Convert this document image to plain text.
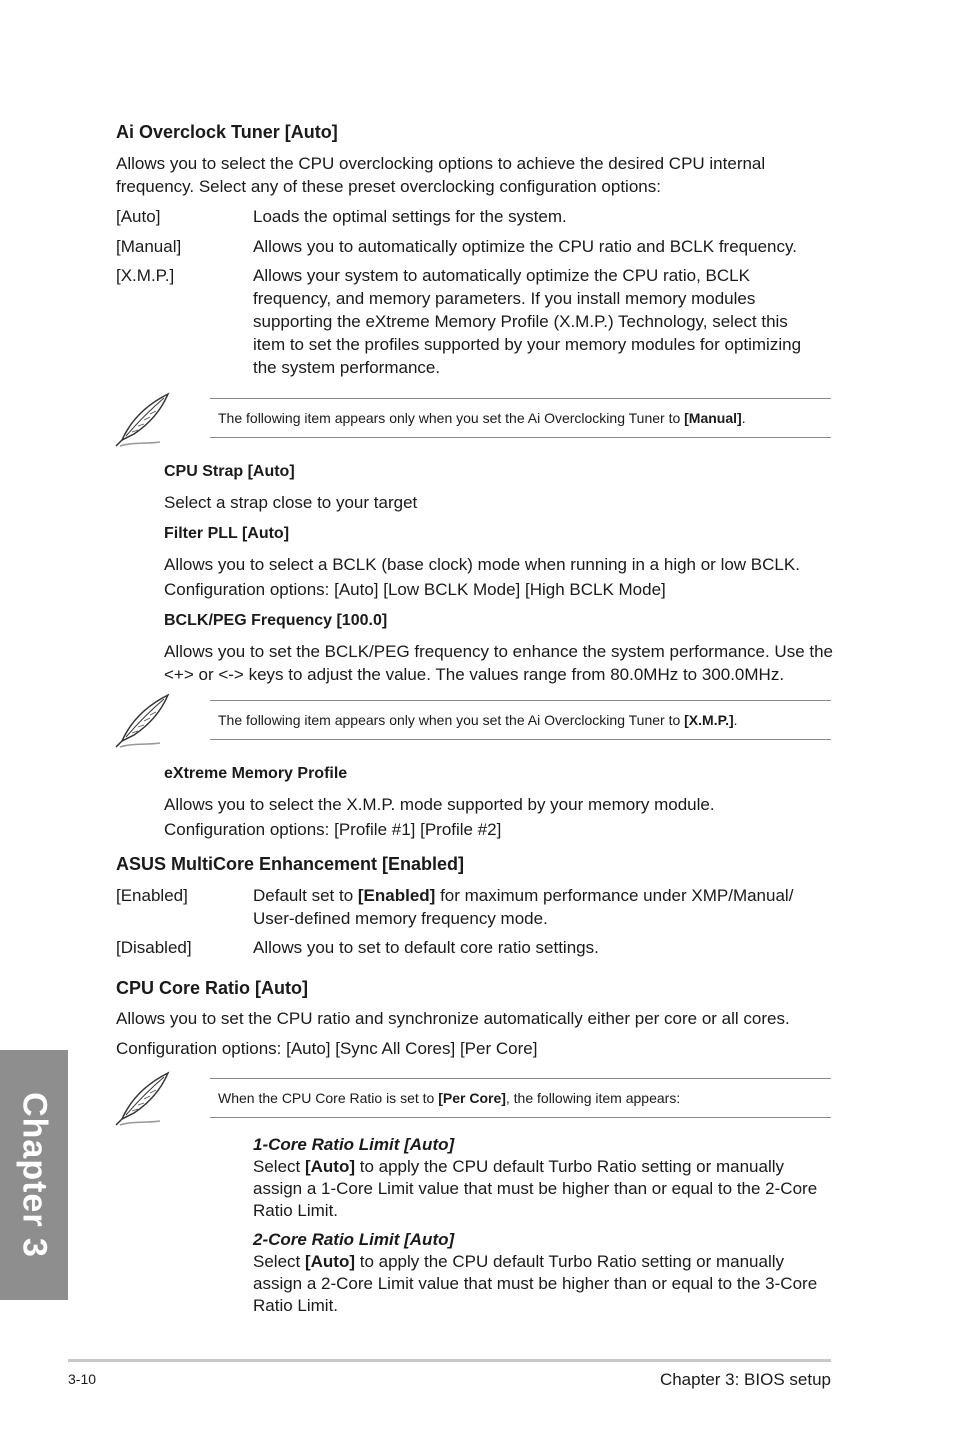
Ai Overclock Tuner [Auto]
Allows you to select the CPU overclocking options to achieve the desired CPU internal frequency. Select any of these preset overclocking configuration options:
[Auto]	Loads the optimal settings for the system.
[Manual]	Allows you to automatically optimize the CPU ratio and BCLK frequency.
[X.M.P.]	Allows your system to automatically optimize the CPU ratio, BCLK frequency, and memory parameters. If you install memory modules supporting the eXtreme Memory Profile (X.M.P.) Technology, select this item to set the profiles supported by your memory modules for optimizing the system performance.
The following item appears only when you set the Ai Overclocking Tuner to [Manual].
CPU Strap [Auto]
Select a strap close to your target
Filter PLL [Auto]
Allows you to select a BCLK (base clock) mode when running in a high or low BCLK.
Configuration options: [Auto] [Low BCLK Mode] [High BCLK Mode]
BCLK/PEG Frequency [100.0]
Allows you to set the BCLK/PEG frequency to enhance the system performance. Use the <+> or <-> keys to adjust the value. The values range from 80.0MHz to 300.0MHz.
The following item appears only when you set the Ai Overclocking Tuner to [X.M.P.].
eXtreme Memory Profile
Allows you to select the X.M.P. mode supported by your memory module.
Configuration options: [Profile #1] [Profile #2]
ASUS MultiCore Enhancement [Enabled]
[Enabled]	Default set to [Enabled] for maximum performance under XMP/Manual/ User-defined memory frequency mode.
[Disabled]	Allows you to set to default core ratio settings.
CPU Core Ratio [Auto]
Allows you to set the CPU ratio and synchronize automatically either per core or all cores.
Configuration options: [Auto] [Sync All Cores] [Per Core]
When the CPU Core Ratio is set to [Per Core], the following item appears:
1-Core Ratio Limit [Auto]
Select [Auto] to apply the CPU default Turbo Ratio setting or manually assign a 1-Core Limit value that must be higher than or equal to the 2-Core Ratio Limit.
2-Core Ratio Limit [Auto]
Select [Auto] to apply the CPU default Turbo Ratio setting or manually assign a 2-Core Limit value that must be higher than or equal to the 3-Core Ratio Limit.
Chapter 3
3-10	Chapter 3: BIOS setup
